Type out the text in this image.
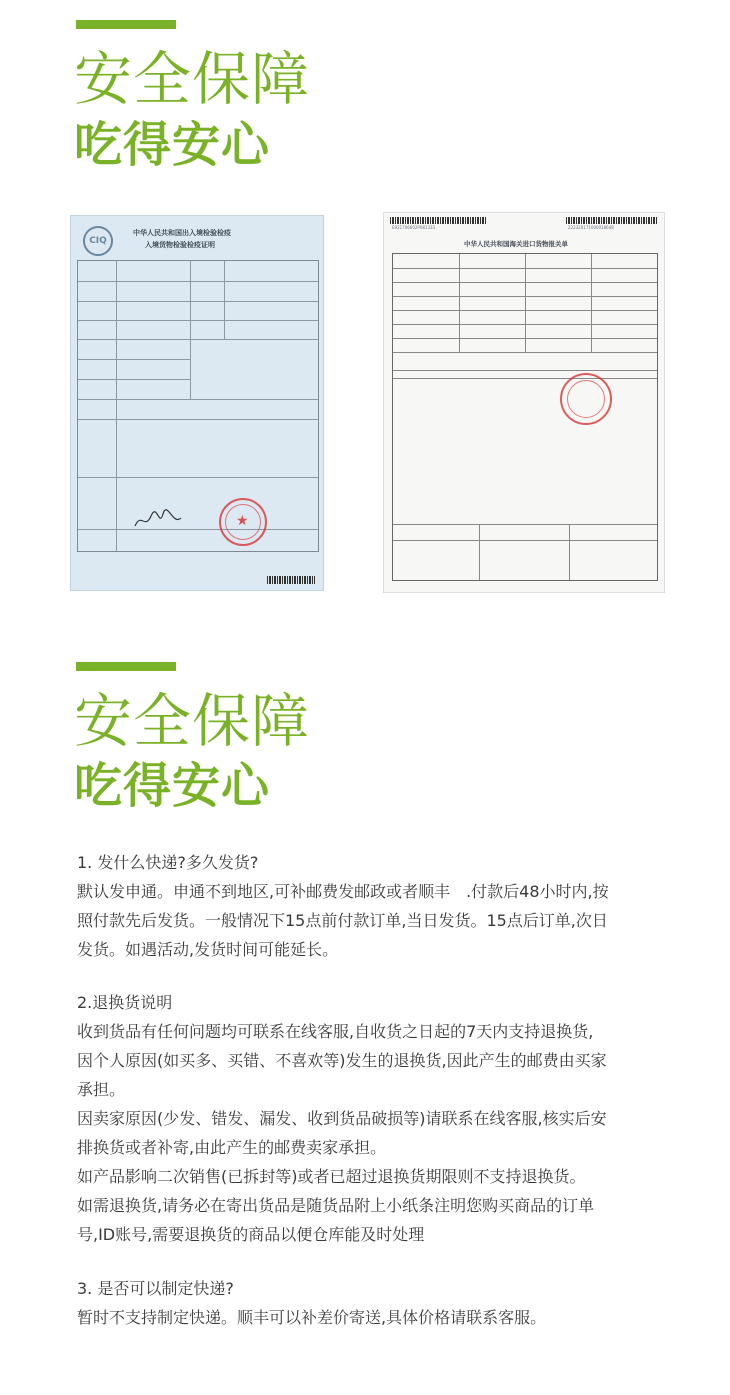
安全保障
吃得安心
CIQ
中华人民共和国出入境检验检疫
入境货物检验检疫证明
★
E921706602P081333	222320171000018648
中华人民共和国海关进口货物报关单
安全保障
吃得安心

1. 发什么快递?多久发货?

默认发申通。申通不到地区,可补邮费发邮政或者顺丰　.付款后48小时内,按

照付款先后发货。一般情况下15点前付款订单,当日发货。15点后订单,次日

发货。如遇活动,发货时间可能延长。

2.退换货说明

收到货品有任何问题均可联系在线客服,自收货之日起的7天内支持退换货,

因个人原因(如买多、买错、不喜欢等)发生的退换货,因此产生的邮费由买家

承担。

因卖家原因(少发、错发、漏发、收到货品破损等)请联系在线客服,核实后安

排换货或者补寄,由此产生的邮费卖家承担。

如产品影响二次销售(已拆封等)或者已超过退换货期限则不支持退换货。

如需退换货,请务必在寄出货品是随货品附上小纸条注明您购买商品的订单

号,ID账号,需要退换货的商品以便仓库能及时处理

3. 是否可以制定快递?

暂时不支持制定快递。顺丰可以补差价寄送,具体价格请联系客服。
